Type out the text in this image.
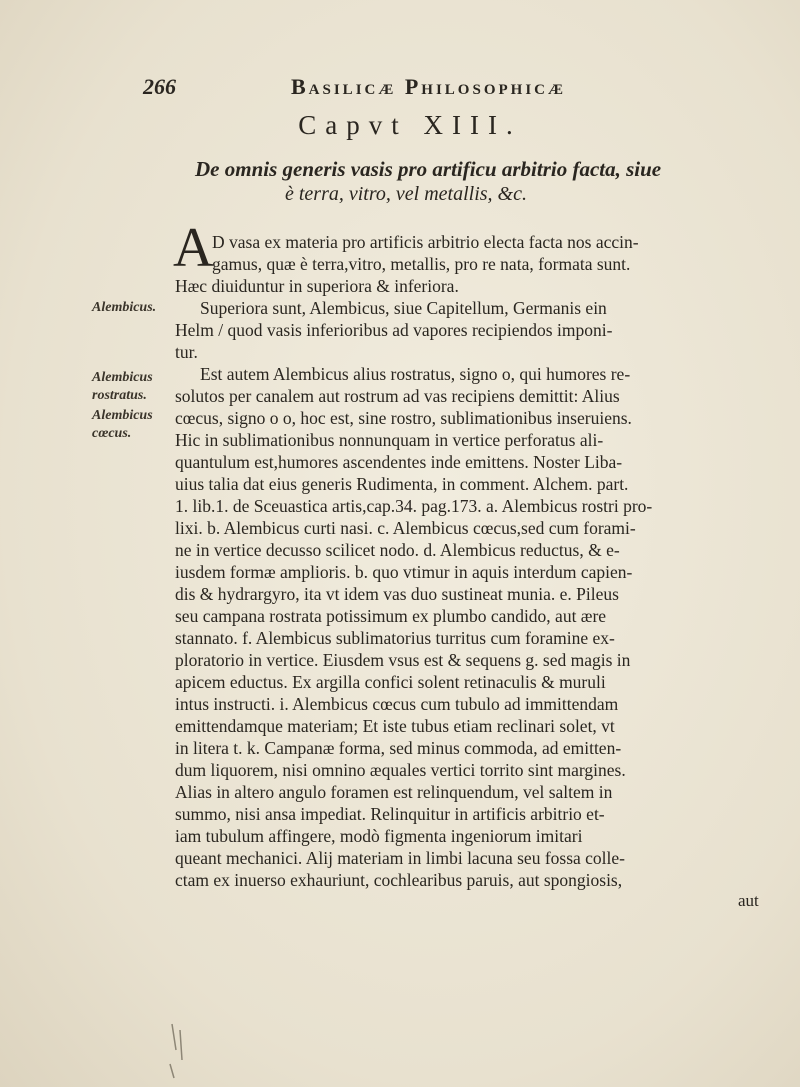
266	Basilicæ Philosophicæ
Capvt XIII.
De omnis generis vasis pro artificu arbitrio facta, siue
è terra, vitro, vel metallis, &c.
A
D vasa ex materia pro artificis arbitrio electa facta nos accin-
gamus, quæ è terra,vitro, metallis, pro re nata, formata sunt.
Hæc diuiduntur in superiora & inferiora.
Superiora sunt, Alembicus, siue Capitellum, Germanis ein
Helm / quod vasis inferioribus ad vapores recipiendos imponi-
tur.
Est autem Alembicus alius rostratus, signo o, qui humores re-
solutos per canalem aut rostrum ad vas recipiens demittit: Alius
cœcus, signo o o, hoc est, sine rostro, sublimationibus inseruiens.
Hic in sublimationibus nonnunquam in vertice perforatus ali-
quantulum est,humores ascendentes inde emittens. Noster Liba-
uius talia dat eius generis Rudimenta, in comment. Alchem. part.
1. lib.1. de Sceuastica artis,cap.34. pag.173. a. Alembicus rostri pro-
lixi. b. Alembicus curti nasi. c. Alembicus cœcus,sed cum forami-
ne in vertice decusso scilicet nodo. d. Alembicus reductus, & e-
iusdem formæ amplioris. b. quo vtimur in aquis interdum capien-
dis & hydrargyro, ita vt idem vas duo sustineat munia. e. Pileus
seu campana rostrata potissimum ex plumbo candido, aut ære
stannato. f. Alembicus sublimatorius turritus cum foramine ex-
ploratorio in vertice. Eiusdem vsus est & sequens g. sed magis in
apicem eductus. Ex argilla confici solent retinaculis & muruli
intus instructi. i. Alembicus cœcus cum tubulo ad immittendam
emittendamque materiam; Et iste tubus etiam reclinari solet, vt
in litera t. k. Campanæ forma, sed minus commoda, ad emitten-
dum liquorem, nisi omnino æquales vertici torrito sint margines.
Alias in altero angulo foramen est relinquendum, vel saltem in
summo, nisi ansa impediat. Relinquitur in artificis arbitrio et-
iam tubulum affingere, modò figmenta ingeniorum imitari
queant mechanici. Alij materiam in limbi lacuna seu fossa colle-
ctam ex inuerso exhauriunt, cochlearibus paruis, aut spongiosis,
aut
Alembicus.
Alembicus
rostratus.
Alembicus
cœcus.
